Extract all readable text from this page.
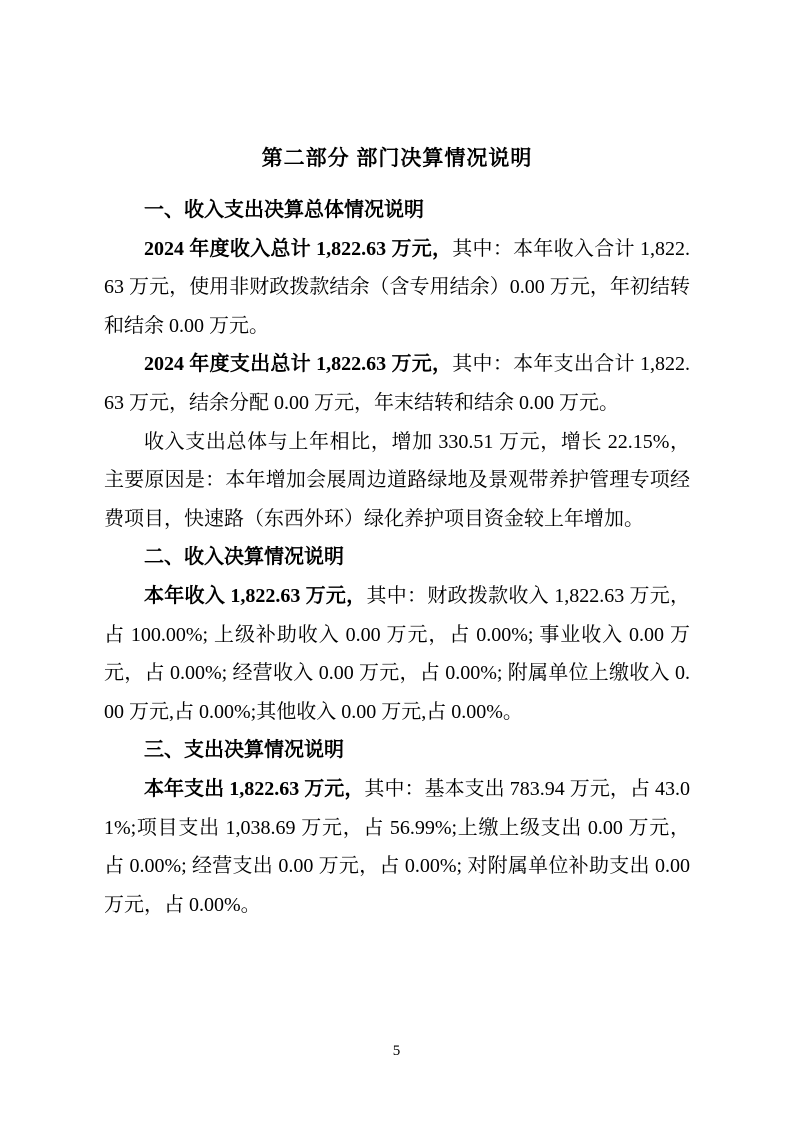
第二部分 部门决算情况说明
一、收入支出决算总体情况说明

2024 年度收入总计 1,822.63 万元，其中：本年收入合计 1,822.63 万元，使用非财政拨款结余（含专用结余）0.00 万元，年初结转和结余 0.00 万元。

2024 年度支出总计 1,822.63 万元，其中：本年支出合计 1,822.63 万元，结余分配 0.00 万元，年末结转和结余 0.00 万元。

收入支出总体与上年相比，增加 330.51 万元，增长 22.15%，主要原因是：本年增加会展周边道路绿地及景观带养护管理专项经费项目，快速路（东西外环）绿化养护项目资金较上年增加。

二、收入决算情况说明

本年收入 1,822.63 万元，其中：财政拨款收入 1,822.63 万元，占 100.00%; 上级补助收入 0.00 万元，占 0.00%; 事业收入 0.00 万元，占 0.00%; 经营收入 0.00 万元，占 0.00%; 附属单位上缴收入 0.00 万元,占 0.00%;其他收入 0.00 万元,占 0.00%。

三、支出决算情况说明

本年支出 1,822.63 万元，其中：基本支出 783.94 万元，占 43.01%;项目支出 1,038.69 万元，占 56.99%;上缴上级支出 0.00 万元，占 0.00%; 经营支出 0.00 万元，占 0.00%; 对附属单位补助支出 0.00 万元，占 0.00%。

5
